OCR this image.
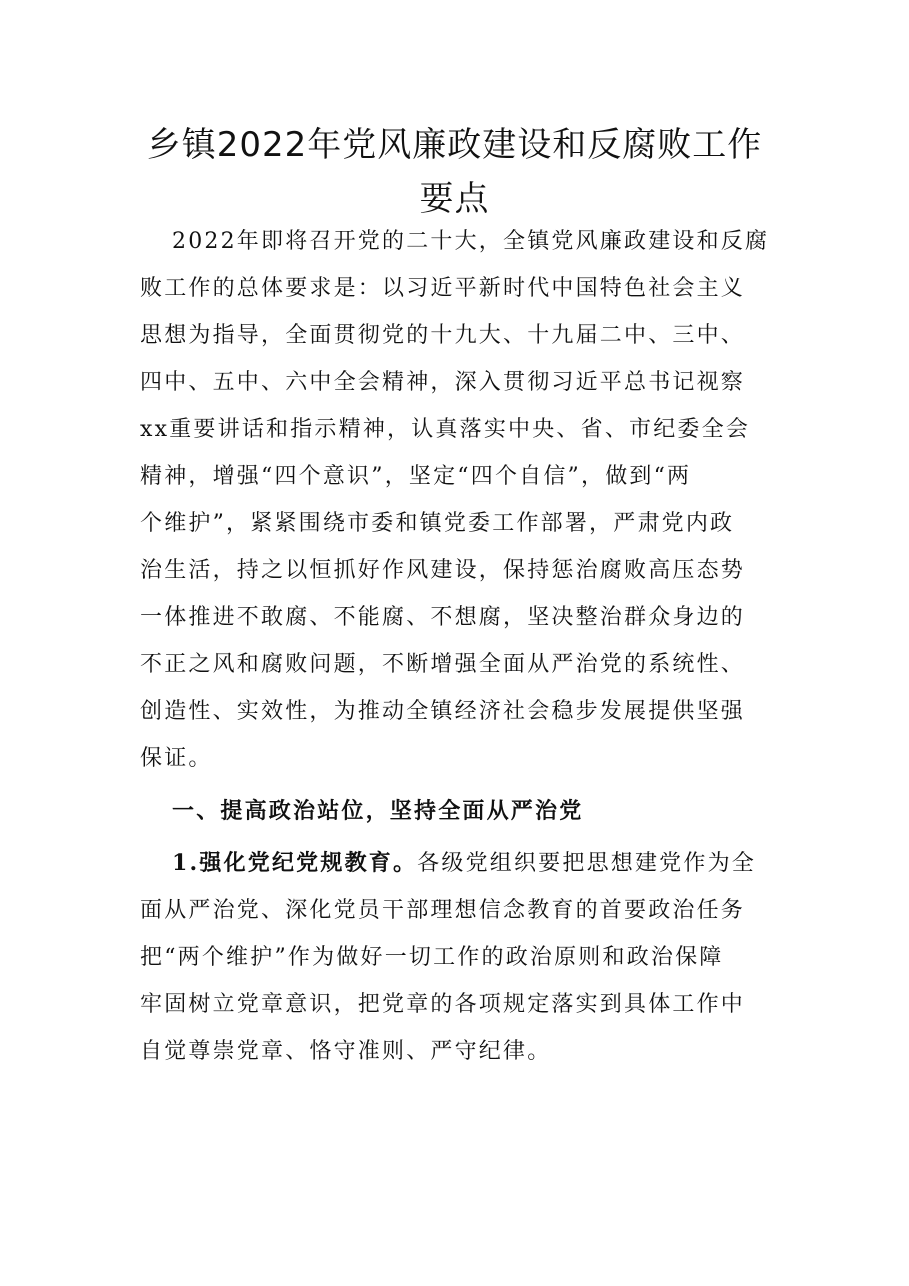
乡镇2022年党风廉政建设和反腐败工作
要点
2022年即将召开党的二十大，全镇党风廉政建设和反腐
败工作的总体要求是：以习近平新时代中国特色社会主义
思想为指导，全面贯彻党的十九大、十九届二中、三中、
四中、五中、六中全会精神，深入贯彻习近平总书记视察
xx重要讲话和指示精神，认真落实中央、省、市纪委全会
精神，增强“四个意识”，坚定“四个自信”，做到“两
个维护”，紧紧围绕市委和镇党委工作部署，严肃党内政
治生活，持之以恒抓好作风建设，保持惩治腐败高压态势
一体推进不敢腐、不能腐、不想腐，坚决整治群众身边的
不正之风和腐败问题，不断增强全面从严治党的系统性、
创造性、实效性，为推动全镇经济社会稳步发展提供坚强
保证。
一、提高政治站位，坚持全面从严治党
1.强化党纪党规教育。各级党组织要把思想建党作为全
面从严治党、深化党员干部理想信念教育的首要政治任务
把“两个维护”作为做好一切工作的政治原则和政治保障
牢固树立党章意识，把党章的各项规定落实到具体工作中
自觉尊崇党章、恪守准则、严守纪律。
